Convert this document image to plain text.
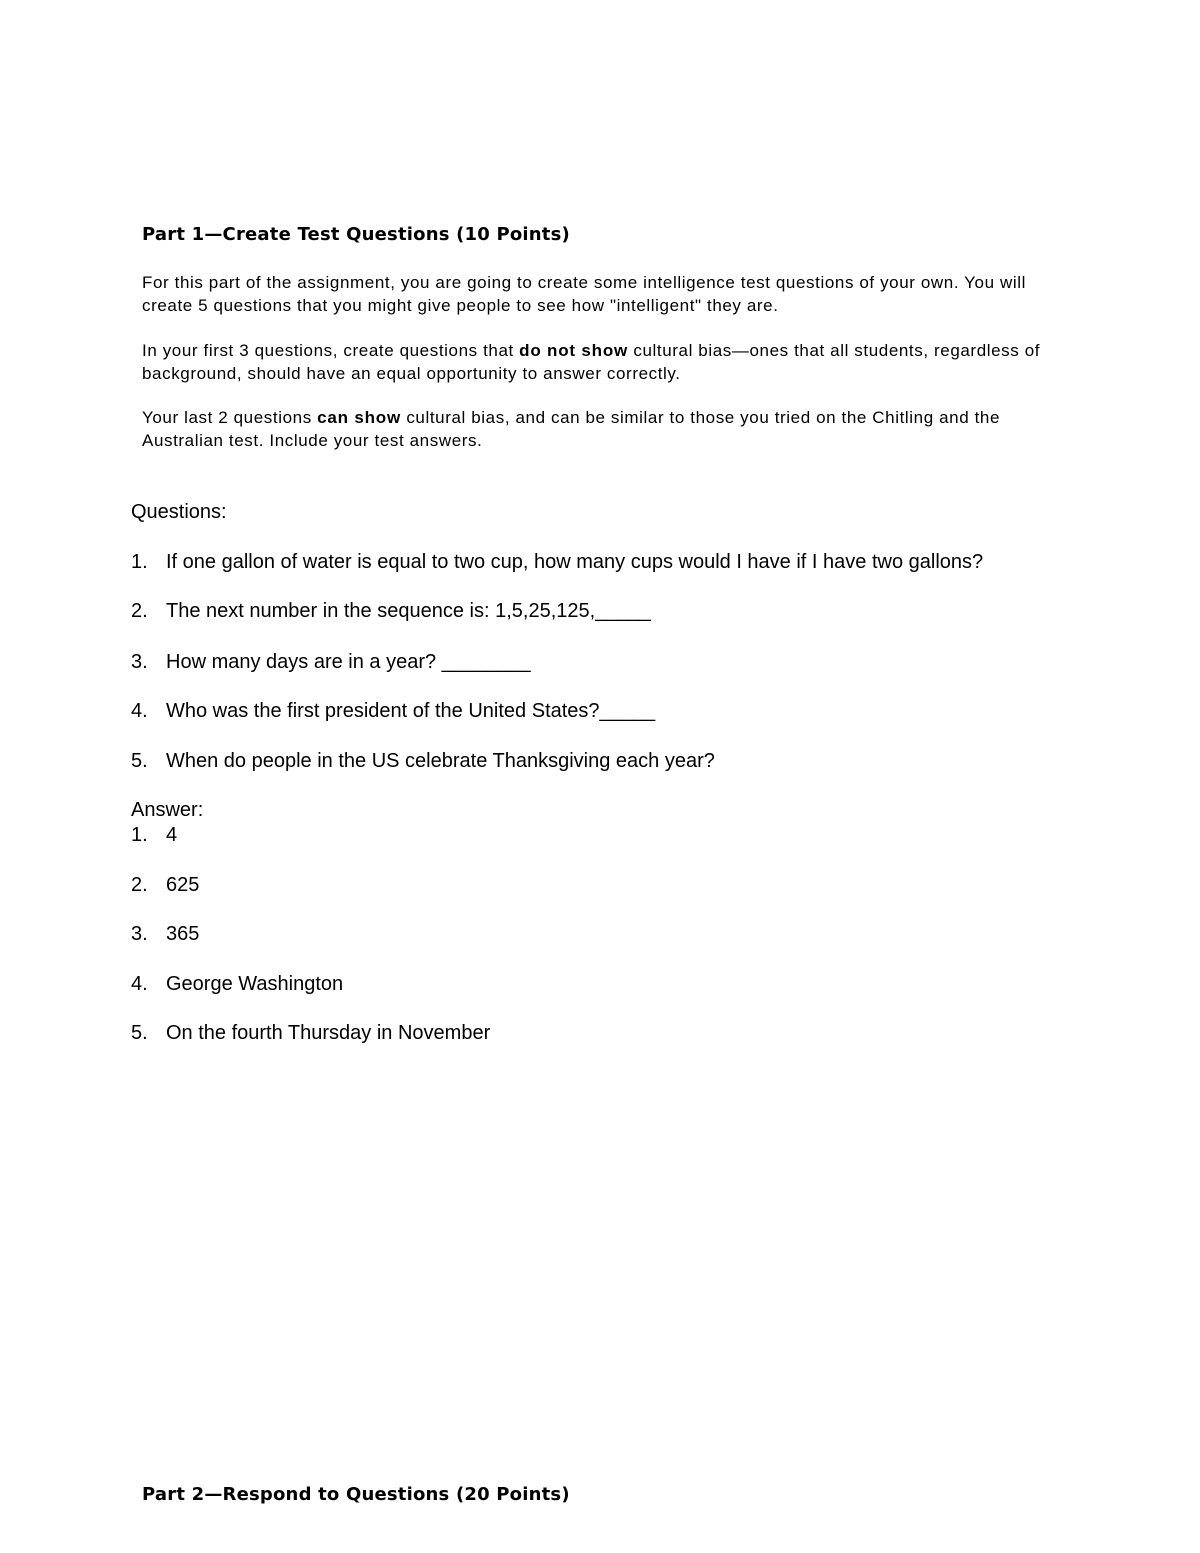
Part 1—Create Test Questions (10 Points)

For this part of the assignment, you are going to create some intelligence test questions of your own. You will create 5 questions that you might give people to see how "intelligent" they are.

In your first 3 questions, create questions that do not show cultural bias—ones that all students, regardless of background, should have an equal opportunity to answer correctly.

Your last 2 questions can show cultural bias, and can be similar to those you tried on the Chitling and the Australian test. Include your test answers.

Questions:

1. If one gallon of water is equal to two cup, how many cups would I have if I have two gallons?
2. The next number in the sequence is: 1,5,25,125,_____
3. How many days are in a year? ________
4. Who was the first president of the United States?_____
5. When do people in the US celebrate Thanksgiving each year?

Answer:

1. 4
2. 625
3. 365
4. George Washington
5. On the fourth Thursday in November
Part 2—Respond to Questions (20 Points)
